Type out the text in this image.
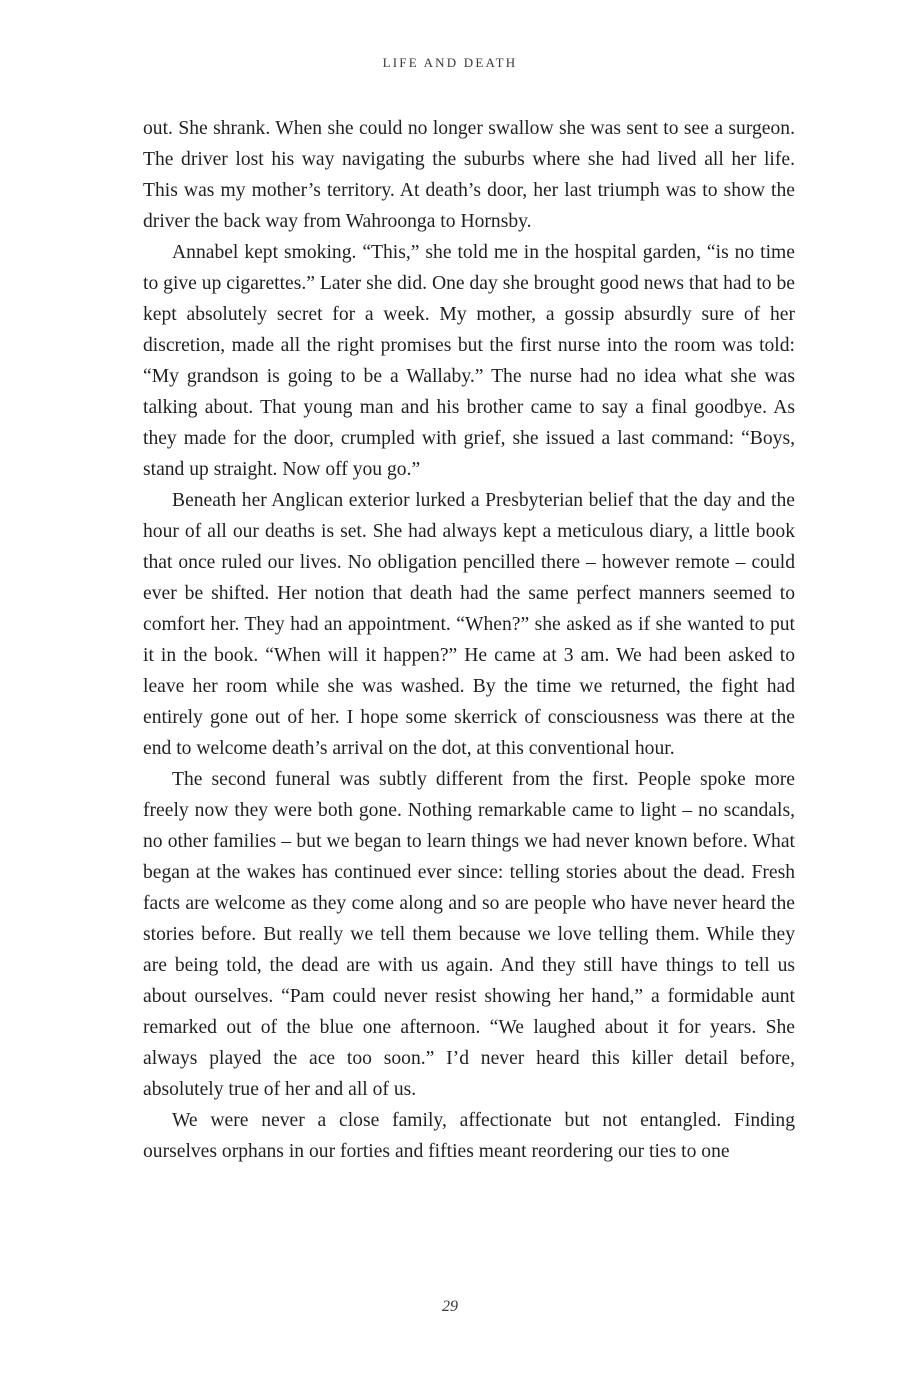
LIFE AND DEATH

out. She shrank. When she could no longer swallow she was sent to see a surgeon. The driver lost his way navigating the suburbs where she had lived all her life. This was my mother’s territory. At death’s door, her last triumph was to show the driver the back way from Wahroonga to Hornsby.

Annabel kept smoking. “This,” she told me in the hospital garden, “is no time to give up cigarettes.” Later she did. One day she brought good news that had to be kept absolutely secret for a week. My mother, a gossip absurdly sure of her discretion, made all the right promises but the first nurse into the room was told: “My grandson is going to be a Wallaby.” The nurse had no idea what she was talking about. That young man and his brother came to say a final goodbye. As they made for the door, crumpled with grief, she issued a last command: “Boys, stand up straight. Now off you go.”

Beneath her Anglican exterior lurked a Presbyterian belief that the day and the hour of all our deaths is set. She had always kept a meticulous diary, a little book that once ruled our lives. No obligation pencilled there – however remote – could ever be shifted. Her notion that death had the same perfect manners seemed to comfort her. They had an appointment. “When?” she asked as if she wanted to put it in the book. “When will it happen?” He came at 3 am. We had been asked to leave her room while she was washed. By the time we returned, the fight had entirely gone out of her. I hope some skerrick of consciousness was there at the end to welcome death’s arrival on the dot, at this conventional hour.

The second funeral was subtly different from the first. People spoke more freely now they were both gone. Nothing remarkable came to light – no scandals, no other families – but we began to learn things we had never known before. What began at the wakes has continued ever since: telling stories about the dead. Fresh facts are welcome as they come along and so are people who have never heard the stories before. But really we tell them because we love telling them. While they are being told, the dead are with us again. And they still have things to tell us about ourselves. “Pam could never resist showing her hand,” a formidable aunt remarked out of the blue one afternoon. “We laughed about it for years. She always played the ace too soon.” I’d never heard this killer detail before, absolutely true of her and all of us.

We were never a close family, affectionate but not entangled. Finding ourselves orphans in our forties and fifties meant reordering our ties to one

29
